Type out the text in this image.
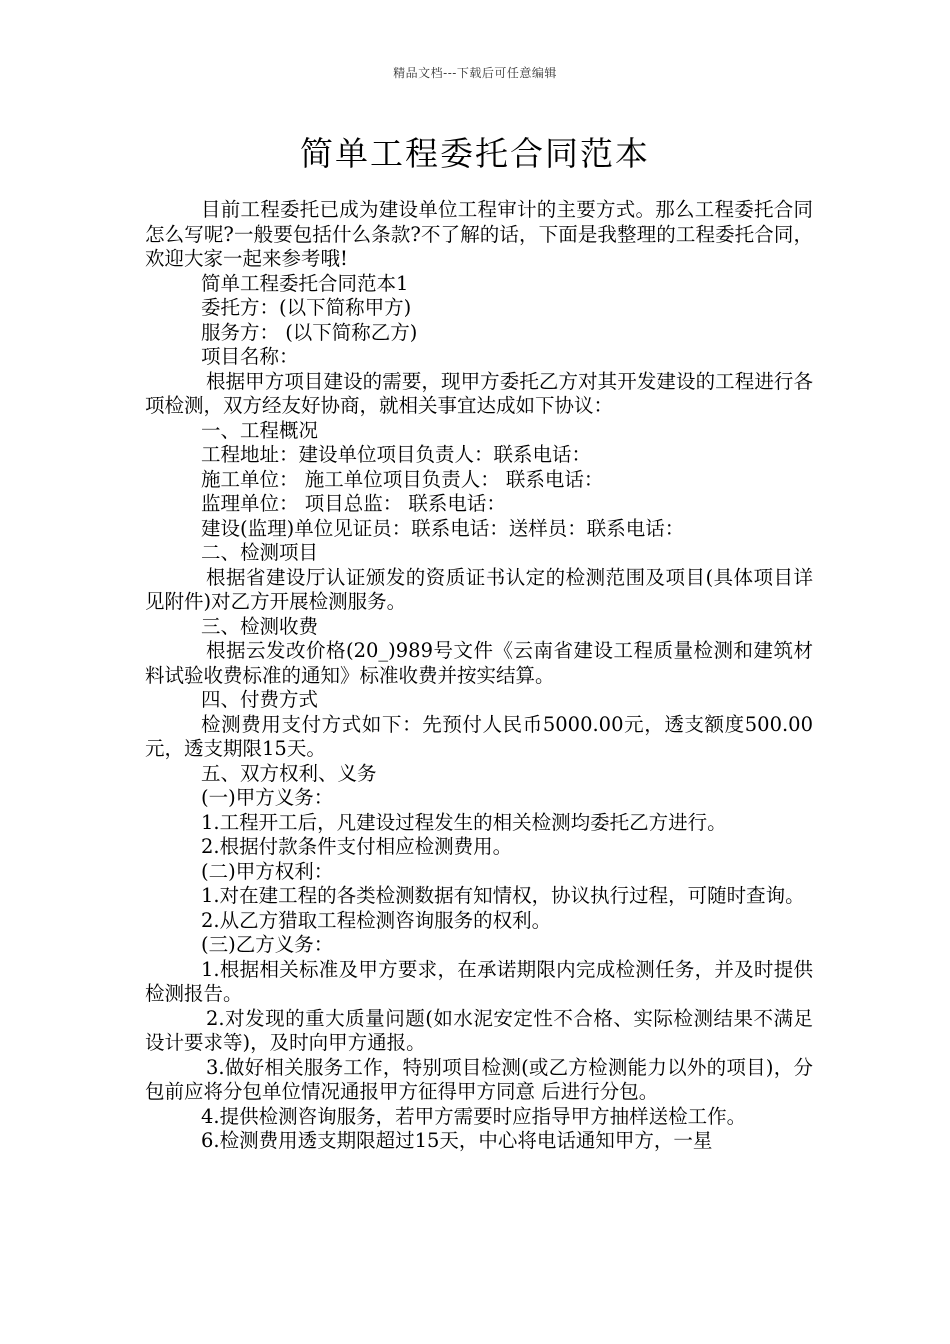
精品文档---下载后可任意编辑
简单工程委托合同范本

目前工程委托已成为建设单位工程审计的主要方式。那么工程委托合同怎么写呢?一般要包括什么条款?不了解的话，下面是我整理的工程委托合同，欢迎大家一起来参考哦!

简单工程委托合同范本1

委托方：(以下简称甲方)

服务方： (以下简称乙方)

项目名称：

根据甲方项目建设的需要，现甲方委托乙方对其开发建设的工程进行各项检测，双方经友好协商，就相关事宜达成如下协议：

一、工程概况

工程地址：建设单位项目负责人：联系电话：

施工单位： 施工单位项目负责人： 联系电话：

监理单位： 项目总监： 联系电话：

建设(监理)单位见证员：联系电话：送样员：联系电话：

二、检测项目

根据省建设厅认证颁发的资质证书认定的检测范围及项目(具体项目详见附件)对乙方开展检测服务。

三、检测收费

根据云发改价格(20_)989号文件《云南省建设工程质量检测和建筑材料试验收费标准的通知》标准收费并按实结算。

四、付费方式

检测费用支付方式如下：先预付人民币5000.00元，透支额度500.00元，透支期限15天。

五、双方权利、义务

(一)甲方义务：

1.工程开工后，凡建设过程发生的相关检测均委托乙方进行。

2.根据付款条件支付相应检测费用。

(二)甲方权利：

1.对在建工程的各类检测数据有知情权，协议执行过程，可随时查询。

2.从乙方猎取工程检测咨询服务的权利。

(三)乙方义务：

1.根据相关标准及甲方要求，在承诺期限内完成检测任务，并及时提供检测报告。

2.对发现的重大质量问题(如水泥安定性不合格、实际检测结果不满足设计要求等)，及时向甲方通报。

3.做好相关服务工作，特别项目检测(或乙方检测能力以外的项目)，分包前应将分包单位情况通报甲方征得甲方同意 后进行分包。

4.提供检测咨询服务，若甲方需要时应指导甲方抽样送检工作。

6.检测费用透支期限超过15天，中心将电话通知甲方，一星
